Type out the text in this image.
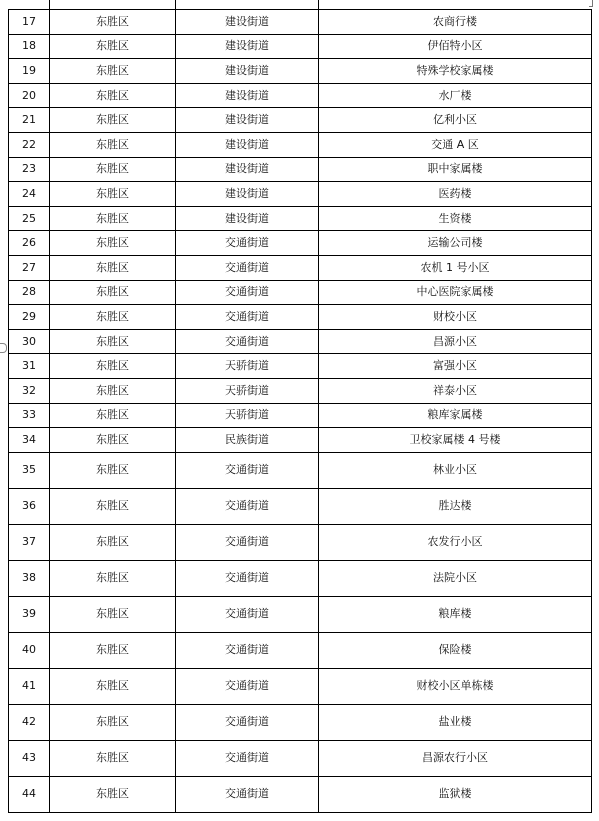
17	东胜区	建设街道	农商行楼
18	东胜区	建设街道	伊佰特小区
19	东胜区	建设街道	特殊学校家属楼
20	东胜区	建设街道	水厂楼
21	东胜区	建设街道	亿利小区
22	东胜区	建设街道	交通 A 区
23	东胜区	建设街道	职中家属楼
24	东胜区	建设街道	医药楼
25	东胜区	建设街道	生资楼
26	东胜区	交通街道	运输公司楼
27	东胜区	交通街道	农机 1 号小区
28	东胜区	交通街道	中心医院家属楼
29	东胜区	交通街道	财校小区
30	东胜区	交通街道	昌源小区
31	东胜区	天骄街道	富强小区
32	东胜区	天骄街道	祥泰小区
33	东胜区	天骄街道	粮库家属楼
34	东胜区	民族街道	卫校家属楼 4 号楼
35	东胜区	交通街道	林业小区
36	东胜区	交通街道	胜达楼
37	东胜区	交通街道	农发行小区
38	东胜区	交通街道	法院小区
39	东胜区	交通街道	粮库楼
40	东胜区	交通街道	保险楼
41	东胜区	交通街道	财校小区单栋楼
42	东胜区	交通街道	盐业楼
43	东胜区	交通街道	昌源农行小区
44	东胜区	交通街道	监狱楼
